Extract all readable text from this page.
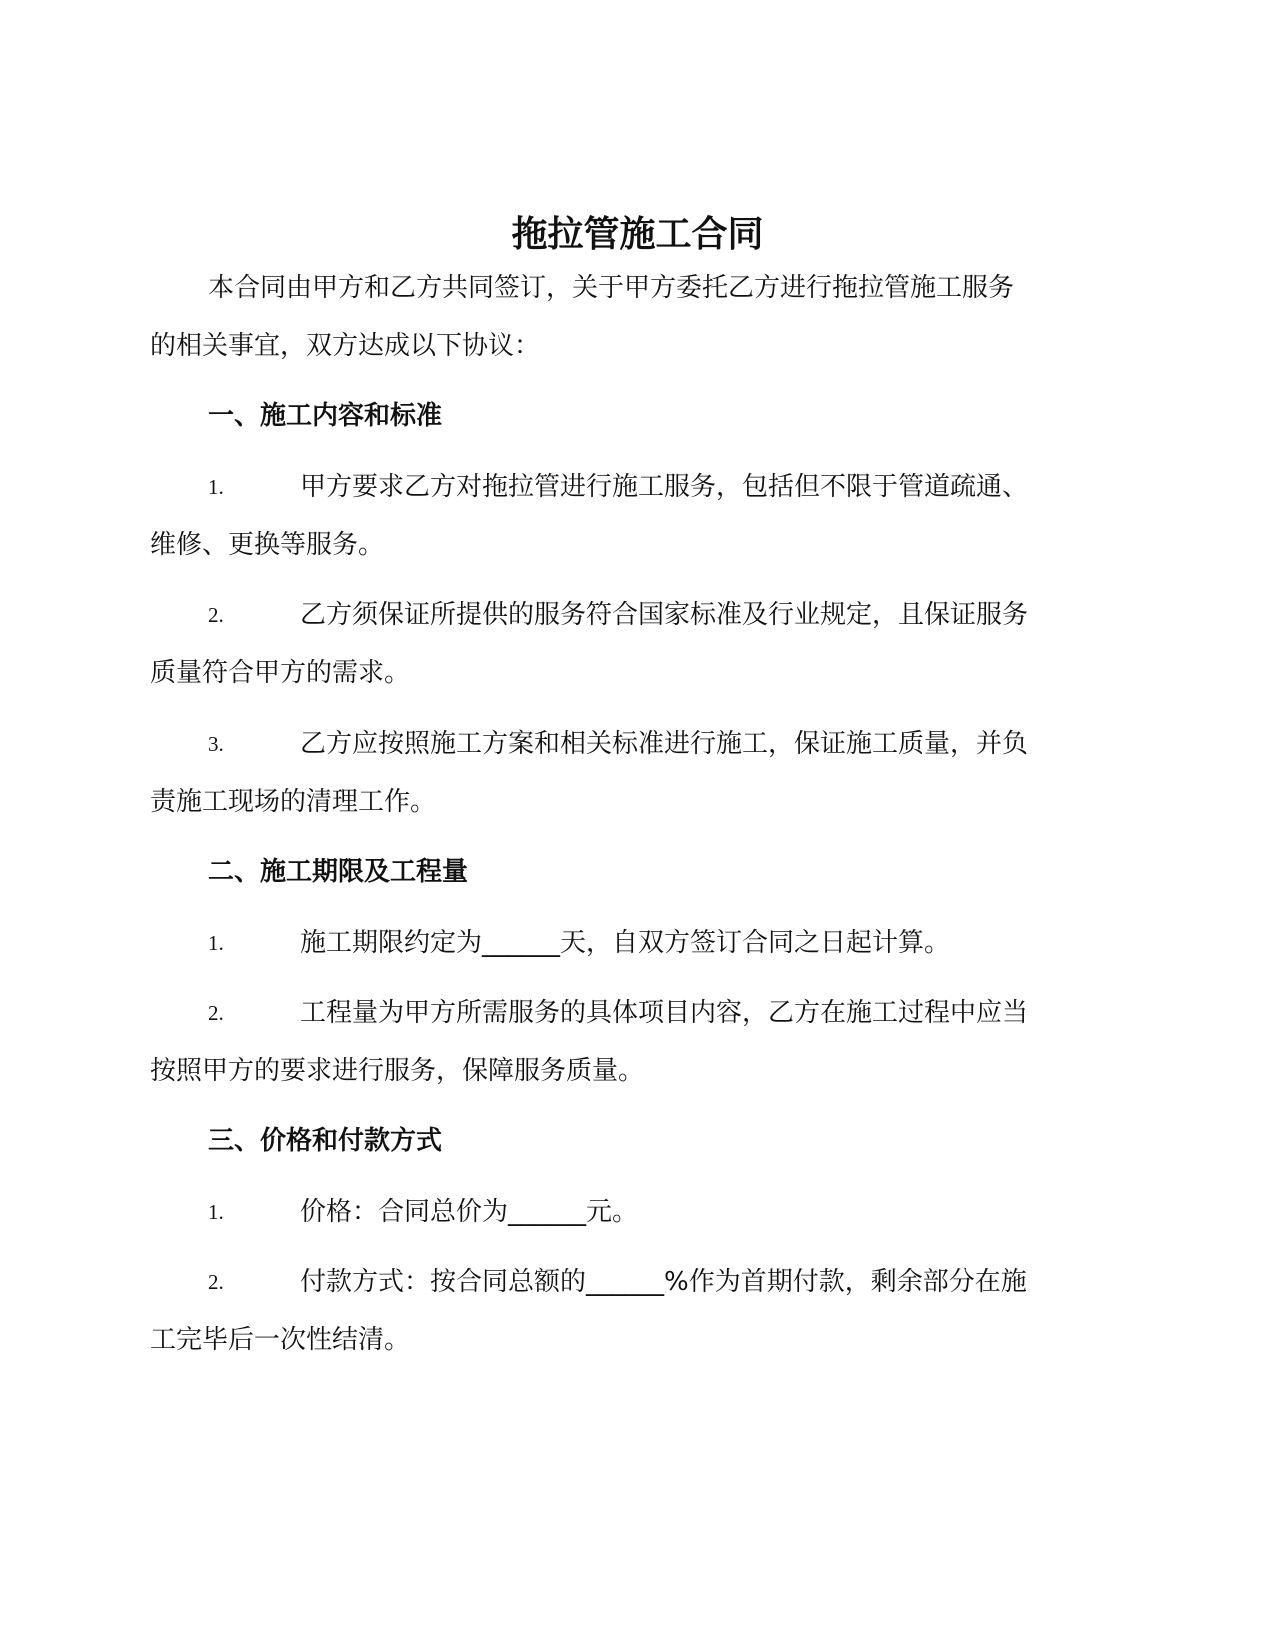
拖拉管施工合同
本合同由甲方和乙方共同签订，关于甲方委托乙方进行拖拉管施工服务
的相关事宜，双方达成以下协议：
一、施工内容和标准
1.	甲方要求乙方对拖拉管进行施工服务，包括但不限于管道疏通、
维修、更换等服务。
2.	乙方须保证所提供的服务符合国家标准及行业规定，且保证服务
质量符合甲方的需求。
3.	乙方应按照施工方案和相关标准进行施工，保证施工质量，并负
责施工现场的清理工作。
二、施工期限及工程量
1.	施工期限约定为______天，自双方签订合同之日起计算。
2.	工程量为甲方所需服务的具体项目内容，乙方在施工过程中应当
按照甲方的要求进行服务，保障服务质量。
三、价格和付款方式
1.	价格：合同总价为______元。
2.	付款方式：按合同总额的______%作为首期付款，剩余部分在施
工完毕后一次性结清。
